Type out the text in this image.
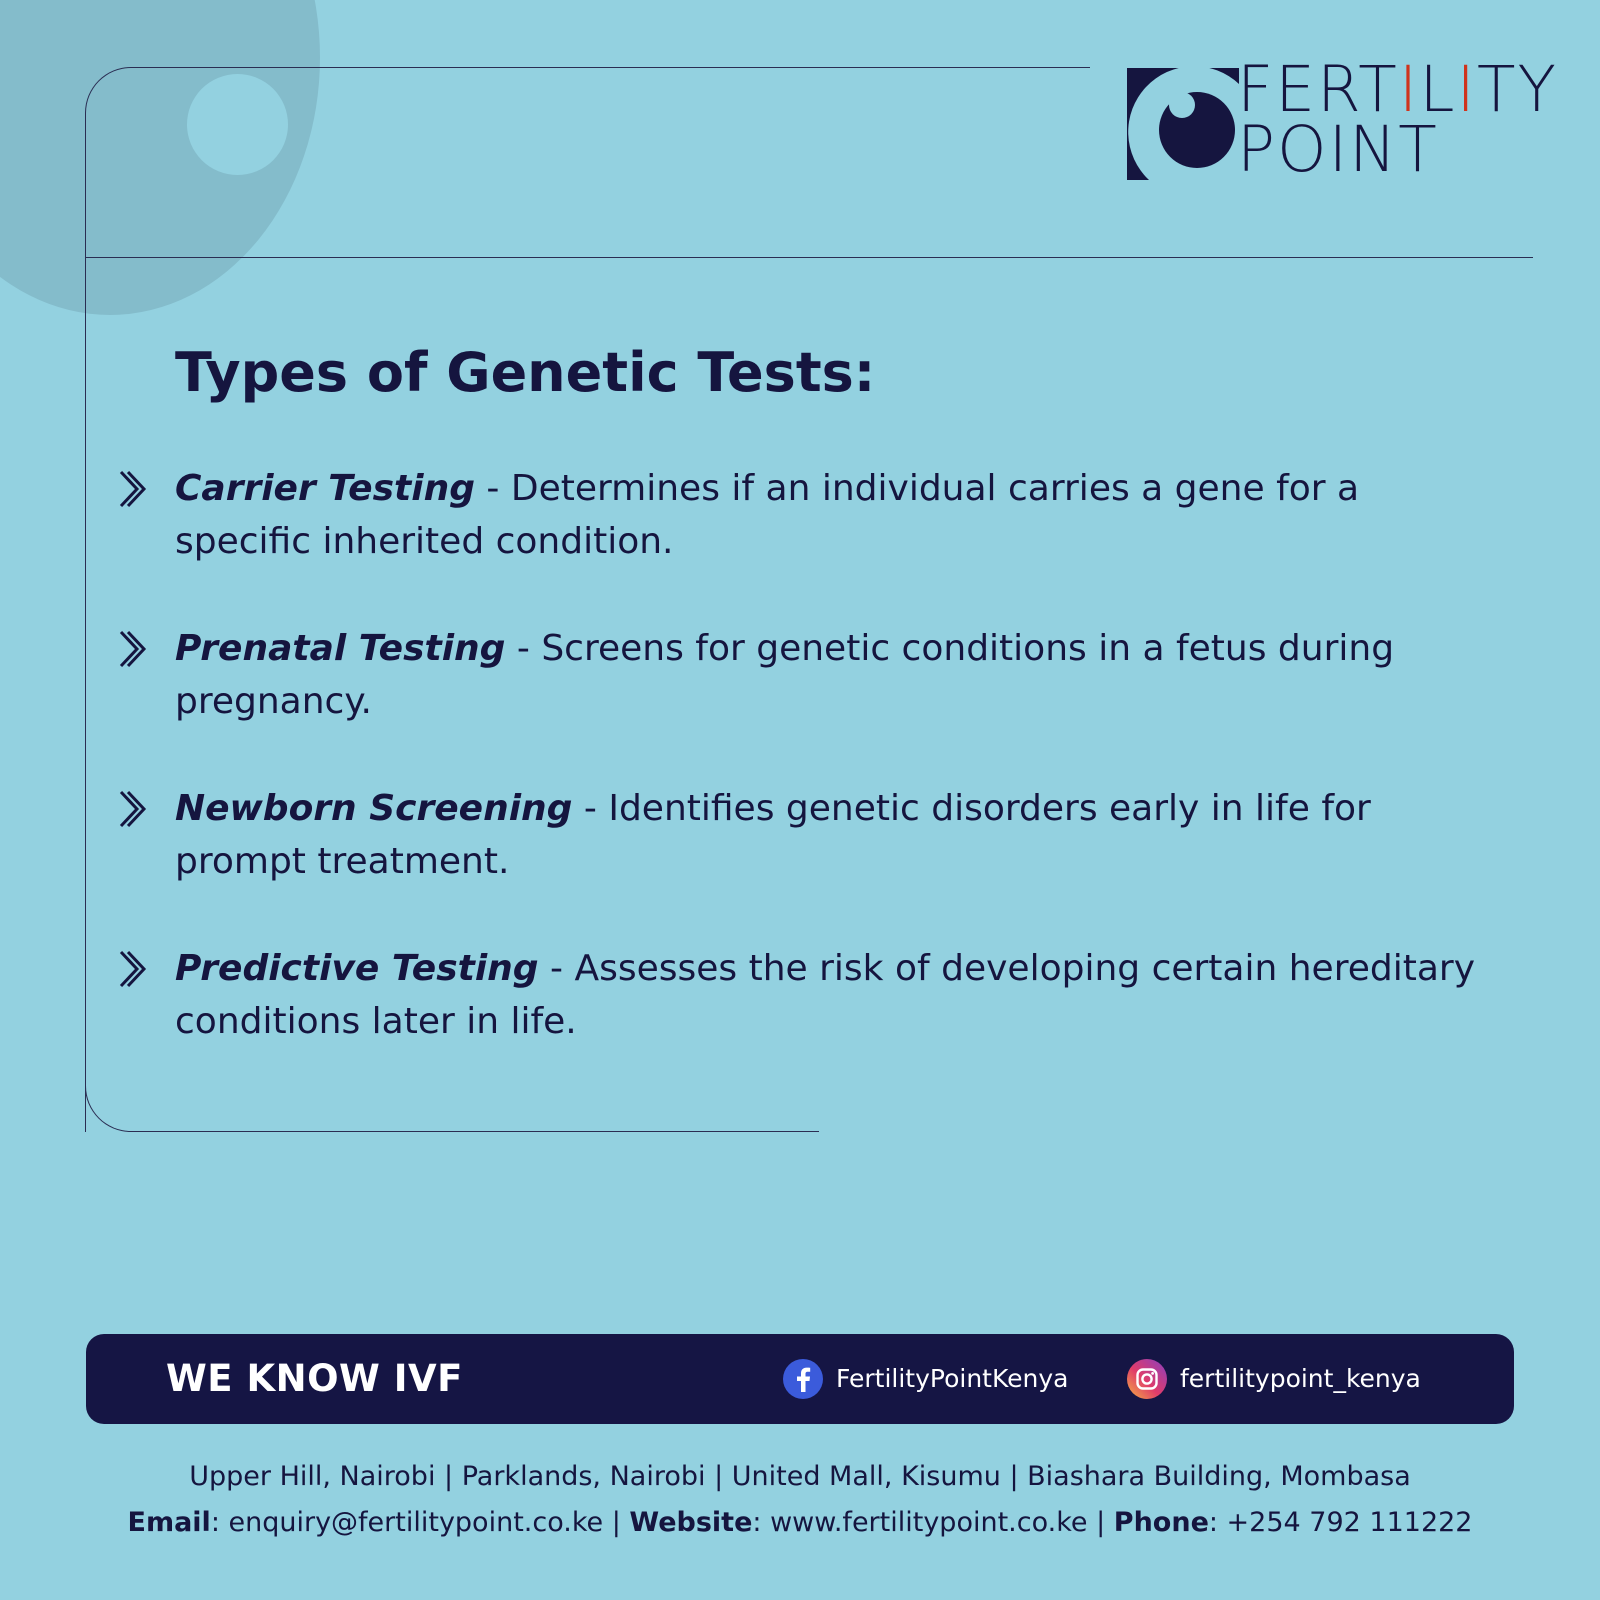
FERTILITY
POINT
Types of Genetic Tests:
Carrier Testing - Determines if an individual carries a gene for a specific inherited condition.
Prenatal Testing - Screens for genetic conditions in a fetus during pregnancy.
Newborn Screening - Identifies genetic disorders early in life for prompt treatment.
Predictive Testing - Assesses the risk of developing certain hereditary conditions later in life.
WE KNOW IVF	FertilityPointKenya	fertilitypoint_kenya
Upper Hill, Nairobi | Parklands, Nairobi | United Mall, Kisumu | Biashara Building, Mombasa
Email: enquiry@fertilitypoint.co.ke | Website: www.fertilitypoint.co.ke | Phone: +254 792 111222
